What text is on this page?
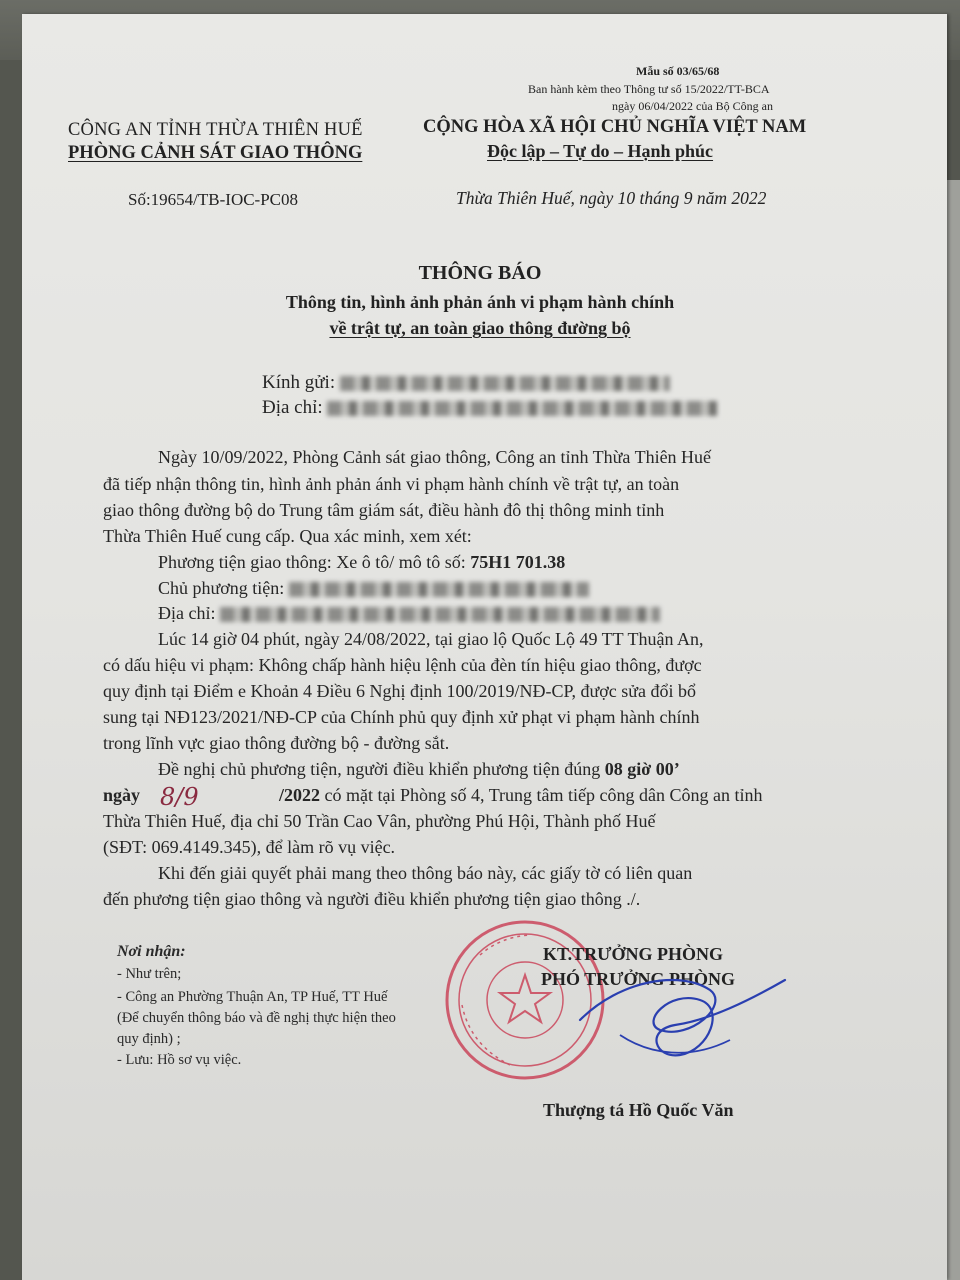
Mẫu số 03/65/68
Ban hành kèm theo Thông tư số 15/2022/TT-BCA
ngày 06/04/2022 của Bộ Công an
CÔNG AN TỈNH THỪA THIÊN HUẾ
PHÒNG CẢNH SÁT GIAO THÔNG
CỘNG HÒA XÃ HỘI CHỦ NGHĨA VIỆT NAM
Độc lập – Tự do – Hạnh phúc
Số:19654/TB-IOC-PC08	Thừa Thiên Huế, ngày 10 tháng 9 năm 2022
THÔNG BÁO
Thông tin, hình ảnh phản ánh vi phạm hành chính
về trật tự, an toàn giao thông đường bộ
Kính gửi:
Địa chỉ:
Ngày 10/09/2022, Phòng Cảnh sát giao thông, Công an tỉnh Thừa Thiên Huế
đã tiếp nhận thông tin, hình ảnh phản ánh vi phạm hành chính về trật tự, an toàn
giao thông đường bộ do Trung tâm giám sát, điều hành đô thị thông minh tỉnh
Thừa Thiên Huế cung cấp. Qua xác minh, xem xét:
Phương tiện giao thông: Xe ô tô/ mô tô số: 75H1 701.38
Chủ phương tiện:
Địa chỉ:
Lúc 14 giờ 04 phút, ngày 24/08/2022, tại giao lộ Quốc Lộ 49 TT Thuận An,
có dấu hiệu vi phạm: Không chấp hành hiệu lệnh của đèn tín hiệu giao thông, được
quy định tại Điểm e Khoản 4 Điều 6 Nghị định 100/2019/NĐ-CP, được sửa đổi bổ
sung tại NĐ123/2021/NĐ-CP của Chính phủ quy định xử phạt vi phạm hành chính
trong lĩnh vực giao thông đường bộ - đường sắt.
Đề nghị chủ phương tiện, người điều khiển phương tiện đúng 08 giờ 00’
ngày	/2022 có mặt tại Phòng số 4, Trung tâm tiếp công dân Công an tỉnh
8/9
Thừa Thiên Huế, địa chỉ 50 Trần Cao Vân, phường Phú Hội, Thành phố Huế
(SĐT: 069.4149.345), để làm rõ vụ việc.
Khi đến giải quyết phải mang theo thông báo này, các giấy tờ có liên quan
đến phương tiện giao thông và người điều khiển phương tiện giao thông ./.
Nơi nhận:
- Như trên;
- Công an Phường Thuận An, TP Huế, TT Huế
(Để chuyển thông báo và đề nghị thực hiện theo
quy định) ;
- Lưu: Hồ sơ vụ việc.
KT.TRƯỞNG PHÒNG
PHÓ TRƯỞNG PHÒNG
Thượng tá Hồ Quốc Văn
